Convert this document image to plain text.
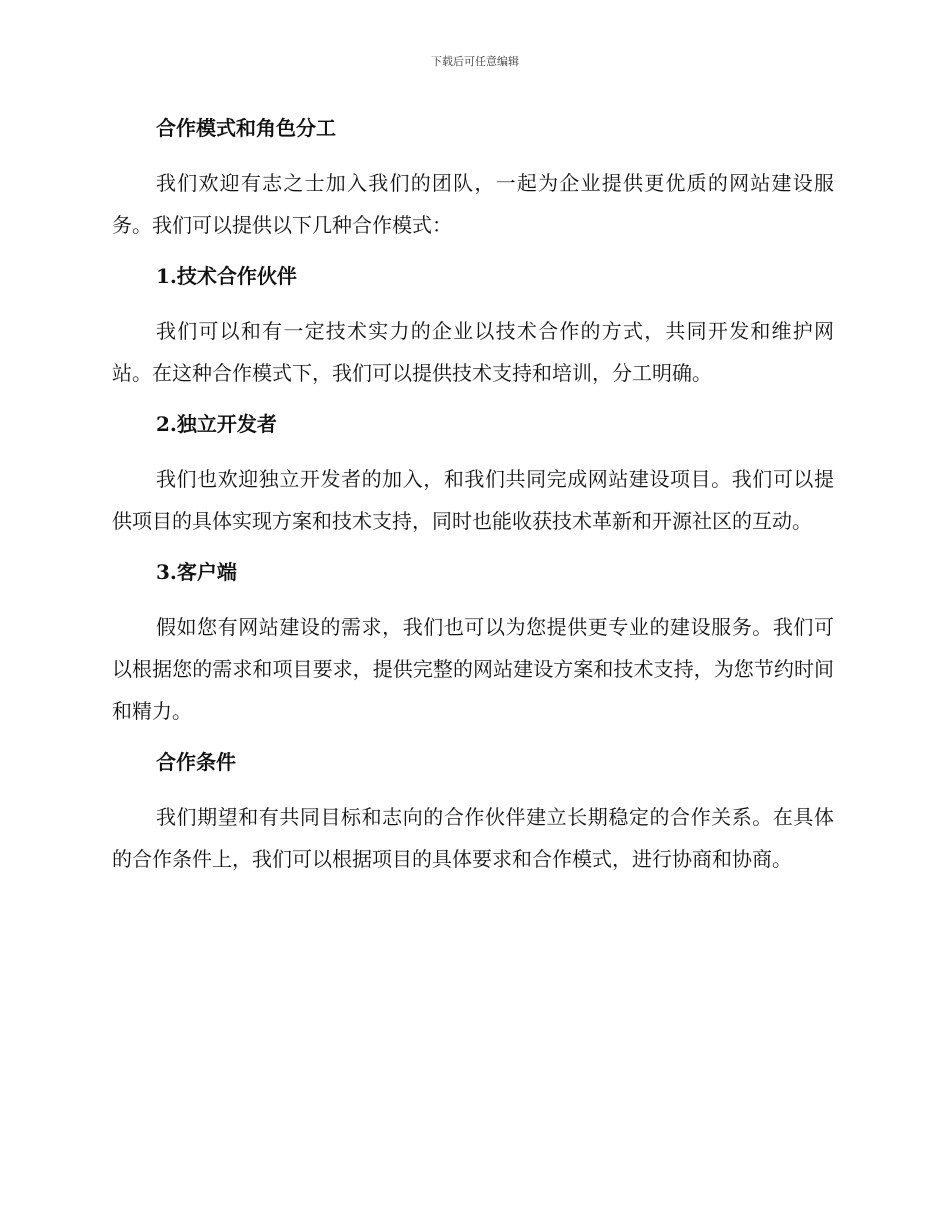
下载后可任意编辑
合作模式和角色分工
我们欢迎有志之士加入我们的团队，一起为企业提供更优质的网站建设服务。我们可以提供以下几种合作模式：
1.技术合作伙伴
我们可以和有一定技术实力的企业以技术合作的方式，共同开发和维护网站。在这种合作模式下，我们可以提供技术支持和培训，分工明确。
2.独立开发者
我们也欢迎独立开发者的加入，和我们共同完成网站建设项目。我们可以提供项目的具体实现方案和技术支持，同时也能收获技术革新和开源社区的互动。
3.客户端
假如您有网站建设的需求，我们也可以为您提供更专业的建设服务。我们可以根据您的需求和项目要求，提供完整的网站建设方案和技术支持，为您节约时间和精力。
合作条件
我们期望和有共同目标和志向的合作伙伴建立长期稳定的合作关系。在具体的合作条件上，我们可以根据项目的具体要求和合作模式，进行协商和协商。
